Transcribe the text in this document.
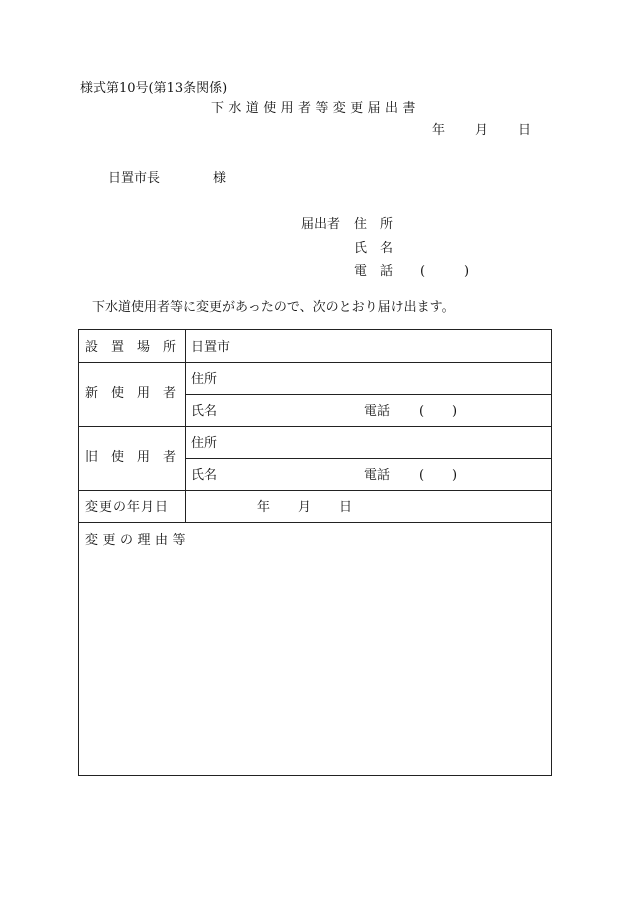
様式第10号(第13条関係)
下水道使用者等変更届出書
年 月 日
日置市長	様
届出者 住　所
氏　名
電　話 (	)
下水道使用者等に変更があったので、次のとおり届け出ます。
設　置　場　所 日置市
新　使　用　者
住所
氏名	電話 ( )
旧　使　用　者
住所
氏名	電話 ( )
変更の年月日	年 月 日
変更の理由等
